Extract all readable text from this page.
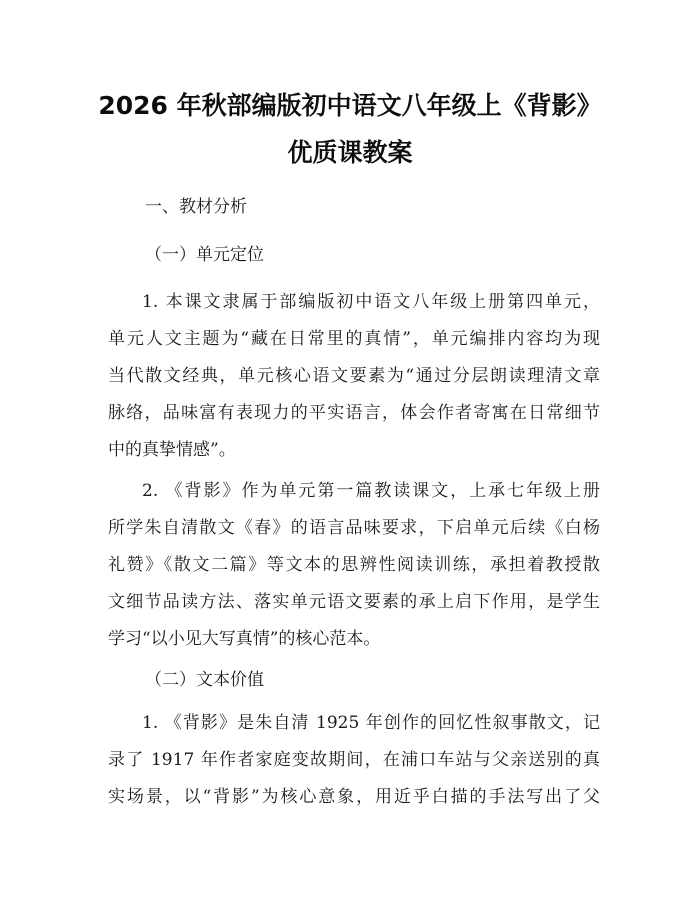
2026 年秋部编版初中语文八年级上《背影》
优质课教案

一、教材分析

（一）单元定位

1. 本课文隶属于部编版初中语文八年级上册第四单元，
单元人文主题为“藏在日常里的真情”，单元编排内容均为现
当代散文经典，单元核心语文要素为“通过分层朗读理清文章
脉络，品味富有表现力的平实语言，体会作者寄寓在日常细节
中的真挚情感”。
2. 《背影》作为单元第一篇教读课文，上承七年级上册
所学朱自清散文《春》的语言品味要求，下启单元后续《白杨
礼赞》《散文二篇》等文本的思辨性阅读训练，承担着教授散
文细节品读方法、落实单元语文要素的承上启下作用，是学生
学习“以小见大写真情”的核心范本。

（二）文本价值

1. 《背影》是朱自清 1925 年创作的回忆性叙事散文，记
录了 1917 年作者家庭变故期间，在浦口车站与父亲送别的真
实场景，以“背影”为核心意象，用近乎白描的手法写出了父
